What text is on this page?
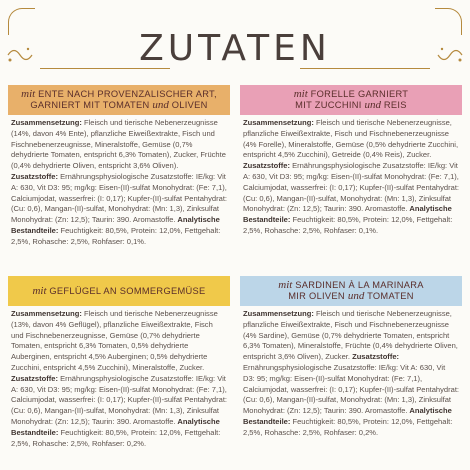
ZUTATEN
mit ENTE NACH PROVENZALISCHER ART,
GARNIERT MIT TOMATEN und OLIVEN
Zusammensetzung: Fleisch und tierische Nebenerzeugnisse (14%, davon 4% Ente), pflanzliche Eiweißextrakte, Fisch und Fischnebenerzeugnisse, Mineralstoffe, Gemüse (0,7% dehydrierte Tomaten, entspricht 6,3% Tomaten), Zucker, Früchte (0,4% dehydrierte Oliven, entspricht 3,6% Oliven). Zusatzstoffe: Ernährungsphysiologische Zusatzstoffe: IE/kg: Vit A: 630, Vit D3: 95; mg/kg: Eisen-(II)-sulfat Monohydrat: (Fe: 7,1), Calciumjodat, wasserfrei: (I: 0,17); Kupfer-(II)-sulfat Pentahydrat: (Cu: 0,6), Mangan-(II)-sulfat, Monohydrat: (Mn: 1,3), Zinksulfat Monohydrat: (Zn: 12,5); Taurin: 390. Aromastoffe. Analytische Bestandteile: Feuchtigkeit: 80,5%, Protein: 12,0%, Fettgehalt: 2,5%, Rohasche: 2,5%, Rohfaser: 0,1%.
mit FORELLE GARNIERT
MIT ZUCCHINI und REIS
Zusammensetzung: Fleisch und tierische Nebenerzeugnisse, pflanzliche Eiweißextrakte, Fisch und Fischnebenerzeugnisse (4% Forelle), Mineralstoffe, Gemüse (0,5% dehydrierte Zucchini, entspricht 4,5% Zucchini), Getreide (0,4% Reis), Zucker. Zusatzstoffe: Ernährungsphysiologische Zusatzstoffe: IE/kg: Vit A: 630, Vit D3: 95; mg/kg: Eisen-(II)-sulfat Monohydrat: (Fe: 7,1), Calciumjodat, wasserfrei: (I: 0,17); Kupfer-(II)-sulfat Pentahydrat: (Cu: 0,6), Mangan-(II)-sulfat, Monohydrat: (Mn: 1,3), Zinksulfat Monohydrat: (Zn: 12,5); Taurin: 390. Aromastoffe. Analytische Bestandteile: Feuchtigkeit: 80,5%, Protein: 12,0%, Fettgehalt: 2,5%, Rohasche: 2,5%, Rohfaser: 0,1%.
mit GEFLÜGEL AN SOMMERGEMÜSE
Zusammensetzung: Fleisch und tierische Nebenerzeugnisse (13%, davon 4% Geflügel), pflanzliche Eiweißextrakte, Fisch und Fischnebenerzeugnisse, Gemüse (0,7% dehydrierte Tomaten, entspricht 6,3% Tomaten, 0,5% dehydrierte Auberginen, entspricht 4,5% Auberginen; 0,5% dehydrierte Zucchini, entspricht 4,5% Zucchini), Mineralstoffe, Zucker. Zusatzstoffe: Ernährungsphysiologische Zusatzstoffe: IE/kg: Vit A: 630, Vit D3: 95; mg/kg: Eisen-(II)-sulfat Monohydrat: (Fe: 7,1), Calciumjodat, wasserfrei: (I: 0,17); Kupfer-(II)-sulfat Pentahydrat: (Cu: 0,6), Mangan-(II)-sulfat, Monohydrat: (Mn: 1,3), Zinksulfat Monohydrat: (Zn: 12,5); Taurin: 390. Aromastoffe. Analytische Bestandteile: Feuchtigkeit: 80,5%, Protein: 12,0%, Fettgehalt: 2,5%, Rohasche: 2,5%, Rohfaser: 0,2%.
mit SARDINEN À LA MARINARA
MIR OLIVEN und TOMATEN
Zusammensetzung: Fleisch und tierische Nebenerzeugnisse, pflanzliche Eiweißextrakte, Fisch und Fischnebenerzeugnisse (4% Sardine), Gemüse (0,7% dehydrierte Tomaten, entspricht 6,3% Tomaten), Mineralstoffe, Früchte (0,4% dehydrierte Oliven, entspricht 3,6% Oliven), Zucker. Zusatzstoffe: Ernährungsphysiologische Zusatzstoffe: IE/kg: Vit A: 630, Vit D3: 95; mg/kg: Eisen-(II)-sulfat Monohydrat: (Fe: 7,1), Calciumjodat, wasserfrei: (I: 0,17); Kupfer-(II)-sulfat Pentahydrat: (Cu: 0,6), Mangan-(II)-sulfat, Monohydrat: (Mn: 1,3), Zinksulfat Monohydrat: (Zn: 12,5); Taurin: 390. Aromastoffe. Analytische Bestandteile: Feuchtigkeit: 80,5%, Protein: 12,0%, Fettgehalt: 2,5%, Rohasche: 2,5%, Rohfaser: 0,2%.
